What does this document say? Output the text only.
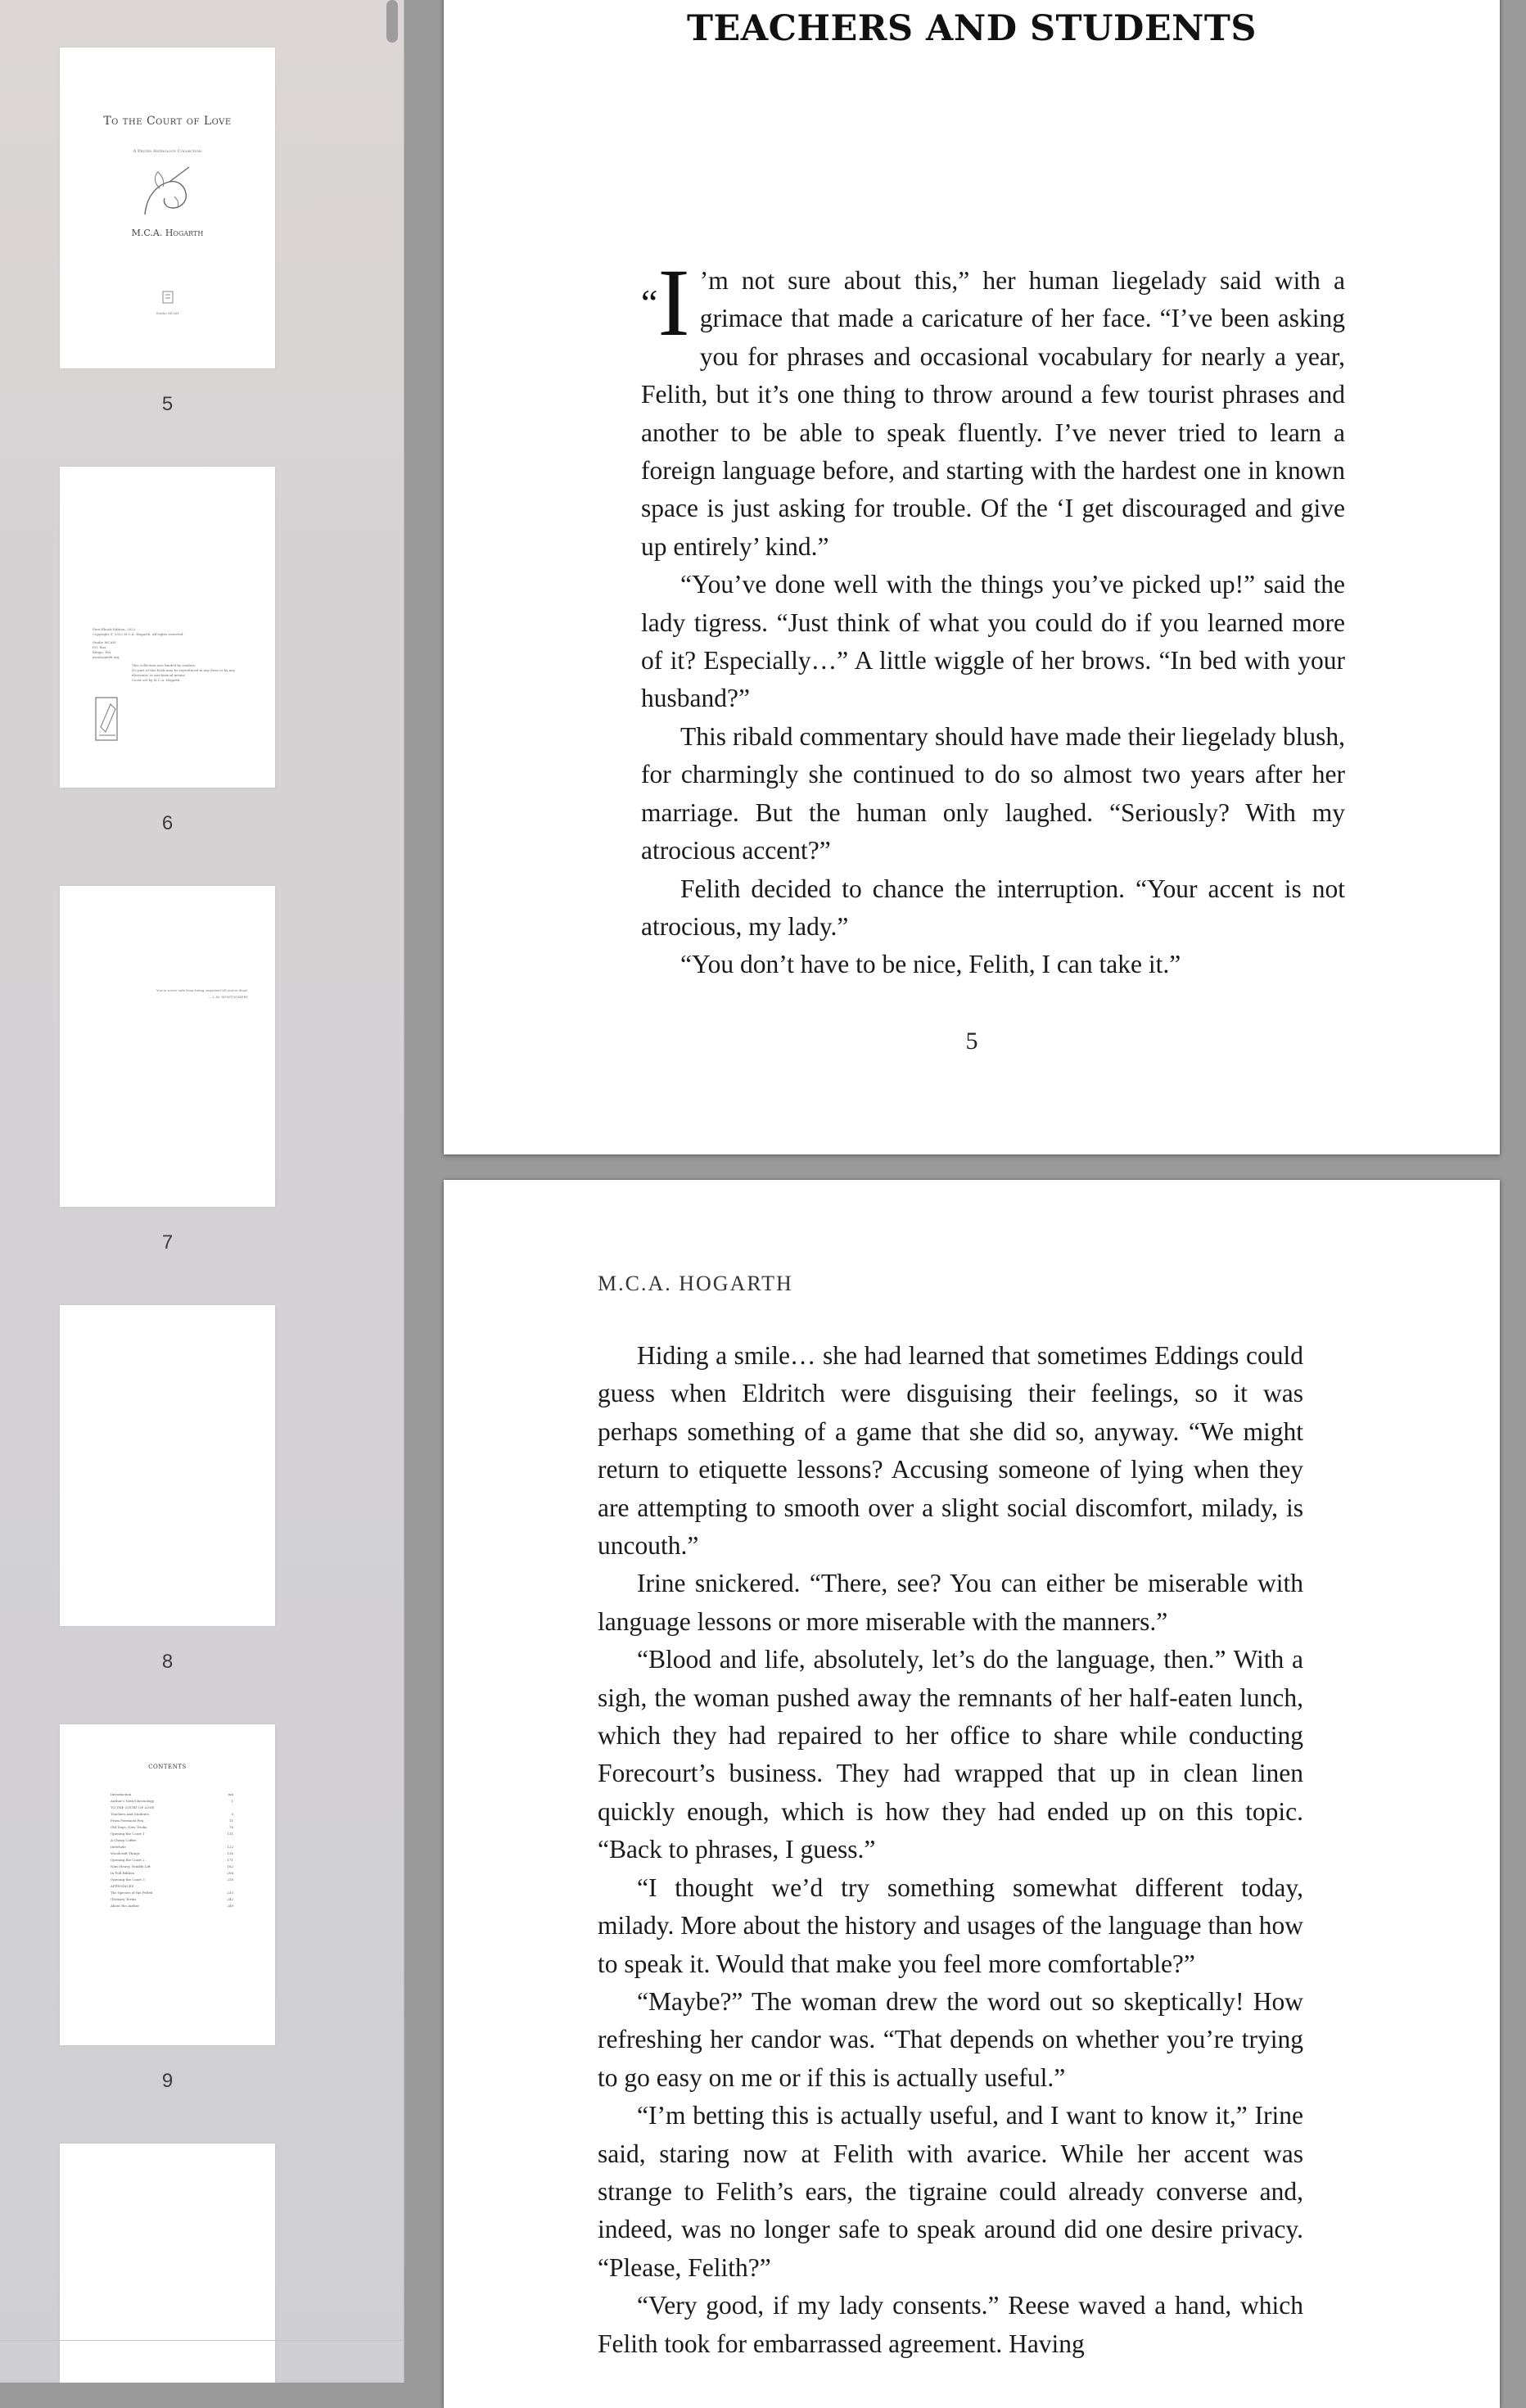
To the Court of Love
A Pelted Anthology Collection
M.C.A. Hogarth
Studio MCAH
5
First Ebook Edition, 2022
Copyright © 2022 M.C.A. Hogarth. All rights reserved.
Studio MCAH
P.O. Box
Kenpo, WA
mcahogarth.org
This collection was funded by readers.
No part of this book may be reproduced in any form or by any electronic or mechanical means.
Cover art by M.C.A. Hogarth.
6
You're never safe from being surprised till you're dead.
— L.M. MONTGOMERY
7
8
CONTENTS
Introduction	xiii
Author's Note/Chronology	1
TO THE COURT OF LOVE
Teachers And Students	5
From Foremost Fen	11
Old Dogs, New Tricks	76
Opening the Court 1	111
A Cheap Coffee
Interlude	122
Woodcraft Things	136
Opening the Court 2	171
Nine Heavy, Nimbly Lift	182
In Full Ribbon	204
Opening the Court 3	218
APPENDICES
The Species of the Pelted	233
Glossary Terms	242
About the Author	249
9
TEACHERS AND STUDENTS

“I ’m not sure about this,” her human liegelady said with a grimace that made a caricature of her face. “I’ve been asking you for phrases and occasional vocabulary for nearly a year, Felith, but it’s one thing to throw around a few tourist phrases and another to be able to speak fluently. I’ve never tried to learn a foreign language before, and starting with the hardest one in known space is just asking for trouble. Of the ‘I get discouraged and give up entirely’ kind.”

“You’ve done well with the things you’ve picked up!” said the lady tigress. “Just think of what you could do if you learned more of it? Especially…” A little wiggle of her brows. “In bed with your husband?”

This ribald commentary should have made their liegelady blush, for charmingly she continued to do so almost two years after her marriage. But the human only laughed. “Seriously? With my atrocious accent?”

Felith decided to chance the interruption. “Your accent is not atrocious, my lady.”

“You don’t have to be nice, Felith, I can take it.”

5
M.C.A. HOGARTH

Hiding a smile… she had learned that sometimes Eddings could guess when Eldritch were disguising their feelings, so it was perhaps something of a game that she did so, anyway. “We might return to etiquette lessons? Accusing someone of lying when they are attempting to smooth over a slight social discomfort, milady, is uncouth.”

Irine snickered. “There, see? You can either be miserable with language lessons or more miserable with the manners.”

“Blood and life, absolutely, let’s do the language, then.” With a sigh, the woman pushed away the remnants of her half-eaten lunch, which they had repaired to her office to share while conducting Forecourt’s business. They had wrapped that up in clean linen quickly enough, which is how they had ended up on this topic. “Back to phrases, I guess.”

“I thought we’d try something somewhat different today, milady. More about the history and usages of the language than how to speak it. Would that make you feel more comfortable?”

“Maybe?” The woman drew the word out so skeptically! How refreshing her candor was. “That depends on whether you’re trying to go easy on me or if this is actually useful.”

“I’m betting this is actually useful, and I want to know it,” Irine said, staring now at Felith with avarice. While her accent was strange to Felith’s ears, the tigraine could already converse and, indeed, was no longer safe to speak around did one desire privacy. “Please, Felith?”

“Very good, if my lady consents.” Reese waved a hand, which Felith took for embarrassed agreement. Having
